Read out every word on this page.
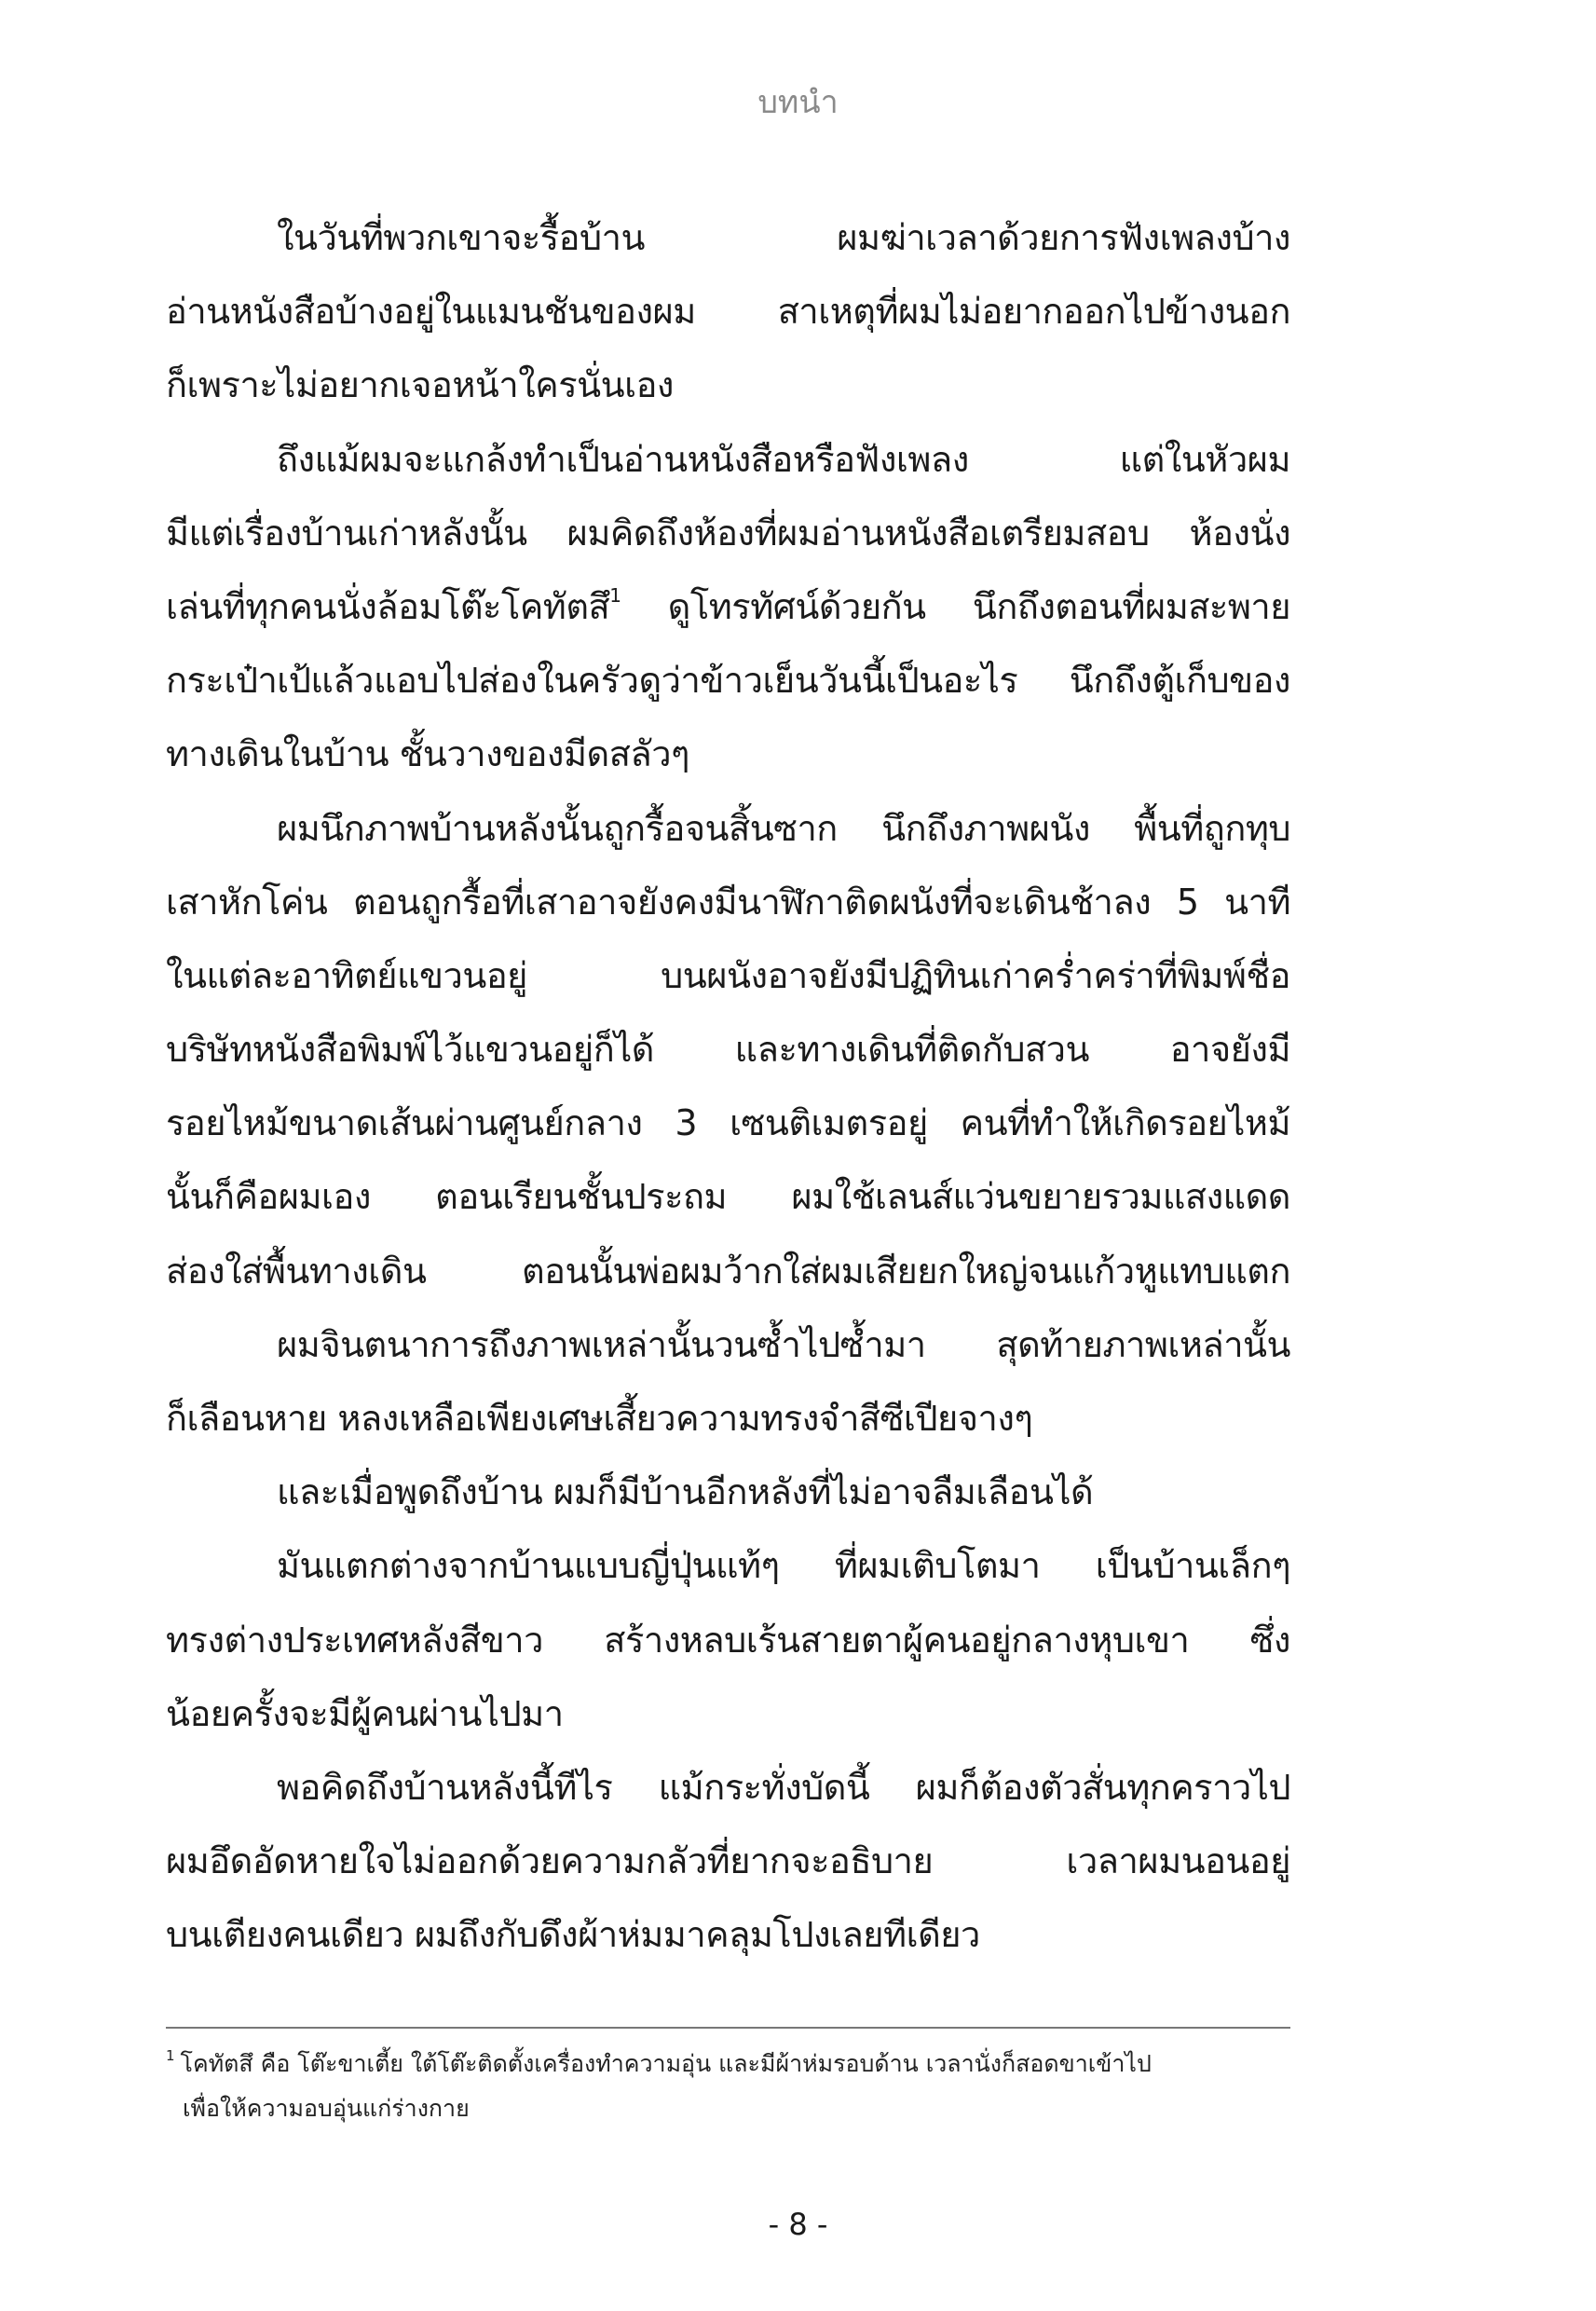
บทนำ
ในวันที่พวกเขาจะรื้อบ้าน ผมฆ่าเวลาด้วยการฟังเพลงบ้าง
อ่านหนังสือบ้างอยู่ในแมนชันของผม สาเหตุที่ผมไม่อยากออกไปข้างนอก
ก็เพราะไม่อยากเจอหน้าใครนั่นเอง
ถึงแม้ผมจะแกล้งทำเป็นอ่านหนังสือหรือฟังเพลง แต่ในหัวผม
มีแต่เรื่องบ้านเก่าหลังนั้น ผมคิดถึงห้องที่ผมอ่านหนังสือเตรียมสอบ ห้องนั่ง
เล่นที่ทุกคนนั่งล้อมโต๊ะโคทัตสึ$^1$ ดูโทรทัศน์ด้วยกัน นึกถึงตอนที่ผมสะพาย
กระเป๋าเป้แล้วแอบไปส่องในครัวดูว่าข้าวเย็นวันนี้เป็นอะไร นึกถึงตู้เก็บของ
ทางเดินในบ้าน ชั้นวางของมีดสลัวๆ
ผมนึกภาพบ้านหลังนั้นถูกรื้อจนสิ้นซาก นึกถึงภาพผนัง พื้นที่ถูกทุบ
เสาหักโค่น ตอนถูกรื้อที่เสาอาจยังคงมีนาฬิกาติดผนังที่จะเดินช้าลง 5 นาที
ในแต่ละอาทิตย์แขวนอยู่ บนผนังอาจยังมีปฏิทินเก่าคร่ำคร่าที่พิมพ์ชื่อ
บริษัทหนังสือพิมพ์ไว้แขวนอยู่ก็ได้ และทางเดินที่ติดกับสวน อาจยังมี
รอยไหม้ขนาดเส้นผ่านศูนย์กลาง 3 เซนติเมตรอยู่ คนที่ทำให้เกิดรอยไหม้
นั้นก็คือผมเอง ตอนเรียนชั้นประถม ผมใช้เลนส์แว่นขยายรวมแสงแดด
ส่องใส่พื้นทางเดิน ตอนนั้นพ่อผมว้ากใส่ผมเสียยกใหญ่จนแก้วหูแทบแตก
ผมจินตนาการถึงภาพเหล่านั้นวนซ้ำไปซ้ำมา สุดท้ายภาพเหล่านั้น
ก็เลือนหาย หลงเหลือเพียงเศษเสี้ยวความทรงจำสีซีเปียจางๆ
และเมื่อพูดถึงบ้าน ผมก็มีบ้านอีกหลังที่ไม่อาจลืมเลือนได้
มันแตกต่างจากบ้านแบบญี่ปุ่นแท้ๆ ที่ผมเติบโตมา เป็นบ้านเล็กๆ
ทรงต่างประเทศหลังสีขาว สร้างหลบเร้นสายตาผู้คนอยู่กลางหุบเขา ซึ่ง
น้อยครั้งจะมีผู้คนผ่านไปมา
พอคิดถึงบ้านหลังนี้ทีไร แม้กระทั่งบัดนี้ ผมก็ต้องตัวสั่นทุกคราวไป
ผมอึดอัดหายใจไม่ออกด้วยความกลัวที่ยากจะอธิบาย เวลาผมนอนอยู่
บนเตียงคนเดียว ผมถึงกับดึงผ้าห่มมาคลุมโปงเลยทีเดียว
$^1$ โคทัตสึ คือ โต๊ะขาเตี้ย ใต้โต๊ะติดตั้งเครื่องทำความอุ่น และมีผ้าห่มรอบด้าน เวลานั่งก็สอดขาเข้าไป
เพื่อให้ความอบอุ่นแก่ร่างกาย
- 8 -
